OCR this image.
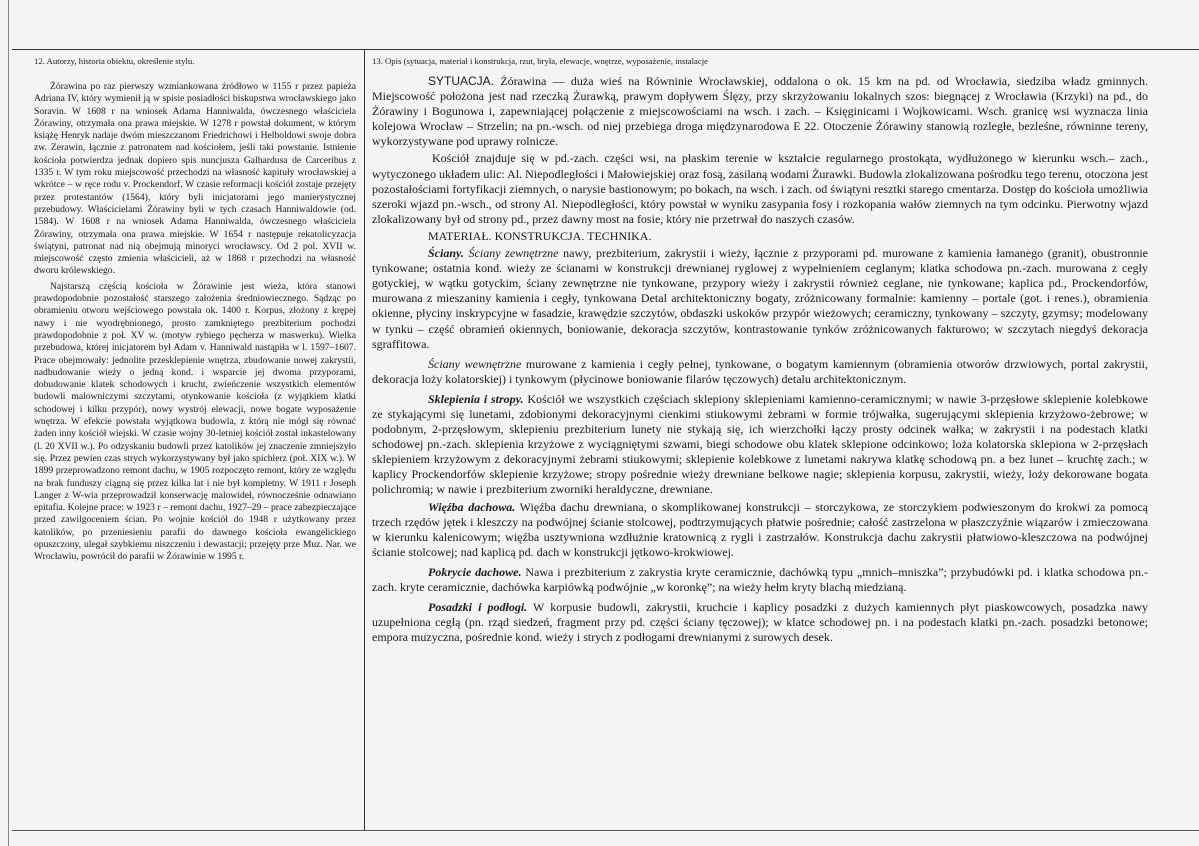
12. Autorzy, historia obiektu, określenie stylu.

Żórawina po raz pierwszy wzmiankowana źródłowo w 1155 r przez papieża Adriana IV, który wymienił ją w spisie posiadłości biskupstwa wrocławskiego jako Soravin. W 1608 r na wniosek Adama Hanniwalda, ówczesnego właściciela Żórawiny, otrzymała ona prawa miejskie. W 1278 r powstał dokument, w którym książę Henryk nadaje dwóm mieszczanom Friedrichowi i Helboldowi swoje dobra zw. Zerawin, łącznie z patronatem nad kościołem, jeśli taki powstanie. Istnienie kościoła potwierdza jednak dopiero spis nuncjusza Galhardusa de Carceribus z 1335 r. W tym roku miejscowość przechodzi na własność kapituły wrocławskiej a wkrótce – w ręce rodu v. Prockendorf. W czasie reformacji kościół zostaje przejęty przez protestantów (1564), który byli inicjatorami jego manierystycznej przebudowy. Właścicielami Żórawiny byli w tych czasach Hanniwaldowie (od. 1584). W 1608 r na wniosek Adama Hanniwalda, ówczesnego właściciela Żórawiny, otrzymała ona prawa miejskie. W 1654 r następuje rekatolicyzacja świątyni, patronat nad nią obejmują minoryci wrocławscy. Od 2 pol. XVII w. miejscowość często zmienia właścicieli, aż w 1868 r przechodzi na własność dworu królewskiego.

Najstarszą częścią kościoła w Żórawinie jest wieża, która stanowi prawdopodobnie pozostałość starszego założenia średniowiecznego. Sądząc po obramieniu otworu wejściowego powstała ok. 1400 r. Korpus, złożony z krępej nawy i nie wyodrębnionego, prosto zamkniętego prezbiterium pochodzi prawdopodobnie z poł. XV w. (motyw rybiego pęcherza w maswerku). Wielka przebudowa, której inicjatorem był Adam v. Hanniwald nastąpiła w l. 1597–1607. Prace obejmowały: jednolite przesklepienie wnętrza, zbudowanie nowej zakrystii, nadbudowanie wieży o jedną kond. i wsparcie jej dwoma przyporami, dobudowanie klatek schodowych i krucht, zwieńczenie wszystkich elementów budowli malowniczymi szczytami, otynkowanie kościoła (z wyjątkiem klatki schodowej i kilku przypór), nowy wystrój elewacji, nowe bogate wyposażenie wnętrza. W efekcie powstała wyjątkowa budowla, z którą nie mógł się równać żaden inny kościół wiejski. W czasie wojny 30-letniej kościół został inkastelowany (l. 20 XVII w.). Po odzyskaniu budowli przez katolików jej znaczenie zmniejszyło się. Przez pewien czas strych wykorzystywany był jako spichlerz (poł. XIX w.). W 1899 przeprowadzono remont dachu, w 1905 rozpoczęto remont, który ze względu na brak funduszy ciągną się przez kilka lat i nie był kompletny. W 1911 r Joseph Langer z W-wia przeprowadził konserwację malowideł, równocześnie odnawiano epitafia. Kolejne prace: w 1923 r – remont dachu, 1927–29 – prace zabezpieczające przed zawilgoceniem ścian. Po wojnie kościół do 1948 r użytkowany przez katolików, po przeniesieniu parafii do dawnego kościoła ewangelickiego opuszczony, ulegał szybkiemu niszczeniu i dewastacji; przejęty prze Muz. Nar. we Wrocławiu, powrócił do parafii w Żórawinie w 1995 r.

13. Opis (sytuacja, materiał i konstrukcja, rzut, bryła, elewacje, wnętrze, wyposażenie, instalacje

SYTUACJA. Żórawina — duża wieś na Równinie Wrocławskiej, oddalona o ok. 15 km na pd. od Wrocławia, siedziba władz gminnych. Miejscowość położona jest nad rzeczką Żurawką, prawym dopływem Ślęzy, przy skrzyżowaniu lokalnych szos: biegnącej z Wrocławia (Krzyki) na pd., do Żórawiny i Bogunowa i, zapewniającej połączenie z miejscowościami na wsch. i zach. – Księginicami i Wojkowicami. Wsch. granicę wsi wyznacza linia kolejowa Wrocław – Strzelin; na pn.-wsch. od niej przebiega droga międzynarodowa E 22. Otoczenie Żórawiny stanowią rozległe, bezleśne, równinne tereny, wykorzystywane pod uprawy rolnicze.

Kościół znajduje się w pd.-zach. części wsi, na płaskim terenie w kształcie regularnego prostokąta, wydłużonego w kierunku wsch.– zach., wytyczonego układem ulic: Al. Niepodległości i Małowiejskiej oraz fosą, zasilaną wodami Żurawki. Budowla zlokalizowana pośrodku tego terenu, otoczona jest pozostałościami fortyfikacji ziemnych, o narysie bastionowym; po bokach, na wsch. i zach. od świątyni resztki starego cmentarza. Dostęp do kościoła umożliwia szeroki wjazd pn.-wsch., od strony Al. Niepodległości, który powstał w wyniku zasypania fosy i rozkopania wałów ziemnych na tym odcinku. Pierwotny wjazd zlokalizowany był od strony pd., przez dawny most na fosie, który nie przetrwał do naszych czasów.

MATERIAŁ. KONSTRUKCJA. TECHNIKA.

Ściany. Ściany zewnętrzne nawy, prezbiterium, zakrystii i wieży, łącznie z przyporami pd. murowane z kamienia łamanego (granit), obustronnie tynkowane; ostatnia kond. wieży ze ścianami w konstrukcji drewnianej ryglowej z wypełnieniem ceglanym; klatka schodowa pn.-zach. murowana z cegły gotyckiej, w wątku gotyckim, ściany zewnętrzne nie tynkowane, przypory wieży i zakrystii również ceglane, nie tynkowane; kaplica pd., Prockendorfów, murowana z mieszaniny kamienia i cegły, tynkowana Detal architektoniczny bogaty, zróżnicowany formalnie: kamienny – portale (got. i renes.), obramienia okienne, płyciny inskrypcyjne w fasadzie, krawędzie szczytów, obdaszki uskoków przypór wieżowych; ceramiczny, tynkowany – szczyty, gzymsy; modelowany w tynku – część obramień okiennych, boniowanie, dekoracja szczytów, kontrastowanie tynków zróżnicowanych fakturowo; w szczytach niegdyś dekoracja sgraffitowa.

Ściany wewnętrzne murowane z kamienia i cegły pełnej, tynkowane, o bogatym kamiennym (obramienia otworów drzwiowych, portal zakrystii, dekoracja loży kolatorskiej) i tynkowym (płycinowe boniowanie filarów tęczowych) detalu architektonicznym.

Sklepienia i stropy. Kościół we wszystkich częściach sklepiony sklepieniami kamienno-ceramicznymi; w nawie 3-przęsłowe sklepienie kolebkowe ze stykającymi się lunetami, zdobionymi dekoracyjnymi cienkimi stiukowymi żebrami w formie trójwałka, sugerującymi sklepienia krzyżowo-żebrowe; w podobnym, 2-przęsłowym, sklepieniu prezbiterium lunety nie stykają się, ich wierzchołki łączy prosty odcinek wałka; w zakrystii i na podestach klatki schodowej pn.-zach. sklepienia krzyżowe z wyciągniętymi szwami, biegi schodowe obu klatek sklepione odcinkowo; loża kolatorska sklepiona w 2-przęsłach sklepieniem krzyżowym z dekoracyjnymi żebrami stiukowymi; sklepienie kolebkowe z lunetami nakrywa klatkę schodową pn. a bez lunet – kruchtę zach.; w kaplicy Prockendorfów sklepienie krzyżowe; stropy pośrednie wieży drewniane belkowe nagie; sklepienia korpusu, zakrystii, wieży, loży dekorowane bogata polichromią; w nawie i prezbiterium zworniki heraldyczne, drewniane.

Więźba dachowa. Więźba dachu drewniana, o skomplikowanej konstrukcji – storczykowa, ze storczykiem podwieszonym do krokwi za pomocą trzech rzędów jętek i kleszczy na podwójnej ścianie stolcowej, podtrzymujących płatwie pośrednie; całość zastrzelona w płaszczyźnie wiązarów i zmieczowana w kierunku kalenicowym; więźba usztywniona wzdłużnie kratownicą z rygli i zastrzałów. Konstrukcja dachu zakrystii płatwiowo-kleszczowa na podwójnej ścianie stolcowej; nad kaplicą pd. dach w konstrukcji jętkowo-krokwiowej.

Pokrycie dachowe. Nawa i prezbiterium z zakrystia kryte ceramicznie, dachówką typu „mnich–mniszka”; przybudówki pd. i klatka schodowa pn.-zach. kryte ceramicznie, dachówka karpiówką podwójnie „w koronkę”; na wieży hełm kryty blachą miedzianą.

Posadzki i podłogi. W korpusie budowli, zakrystii, kruchcie i kaplicy posadzki z dużych kamiennych płyt piaskowcowych, posadzka nawy uzupełniona cegłą (pn. rząd siedzeń, fragment przy pd. części ściany tęczowej); w klatce schodowej pn. i na podestach klatki pn.-zach. posadzki betonowe; empora muzyczna, pośrednie kond. wieży i strych z podłogami drewnianymi z surowych desek.
